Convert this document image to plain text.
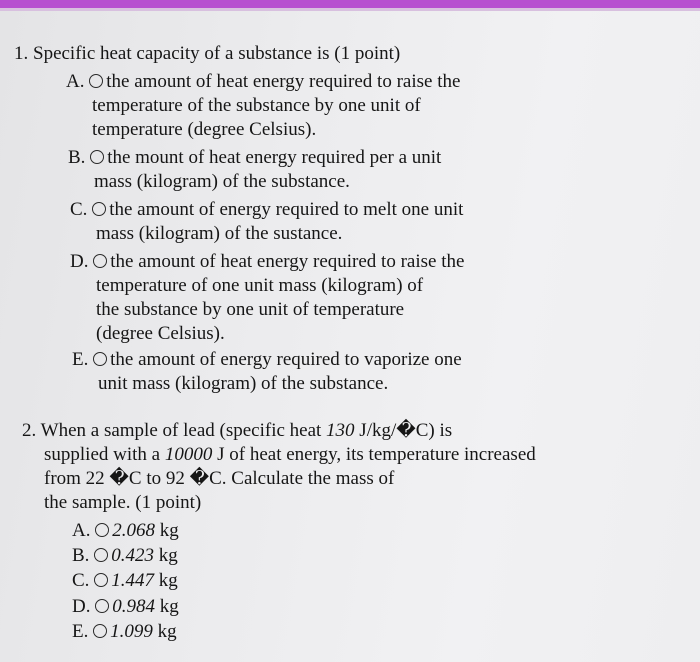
1. Specific heat capacity of a substance is (1 point)
A. the amount of heat energy required to raise the
temperature of the substance by one unit of
temperature (degree Celsius).
B. the mount of heat energy required per a unit
mass (kilogram) of the substance.
C. the amount of energy required to melt one unit
mass (kilogram) of the sustance.
D. the amount of heat energy required to raise the
temperature of one unit mass (kilogram) of
the substance by one unit of temperature
(degree Celsius).
E. the amount of energy required to vaporize one
unit mass (kilogram) of the substance.
2. When a sample of lead (specific heat 130 J/kg/�C) is
supplied with a 10000 J of heat energy, its temperature increased
from 22 �C to 92 �C. Calculate the mass of
the sample. (1 point)
A. 2.068 kg
B. 0.423 kg
C. 1.447 kg
D. 0.984 kg
E. 1.099 kg
